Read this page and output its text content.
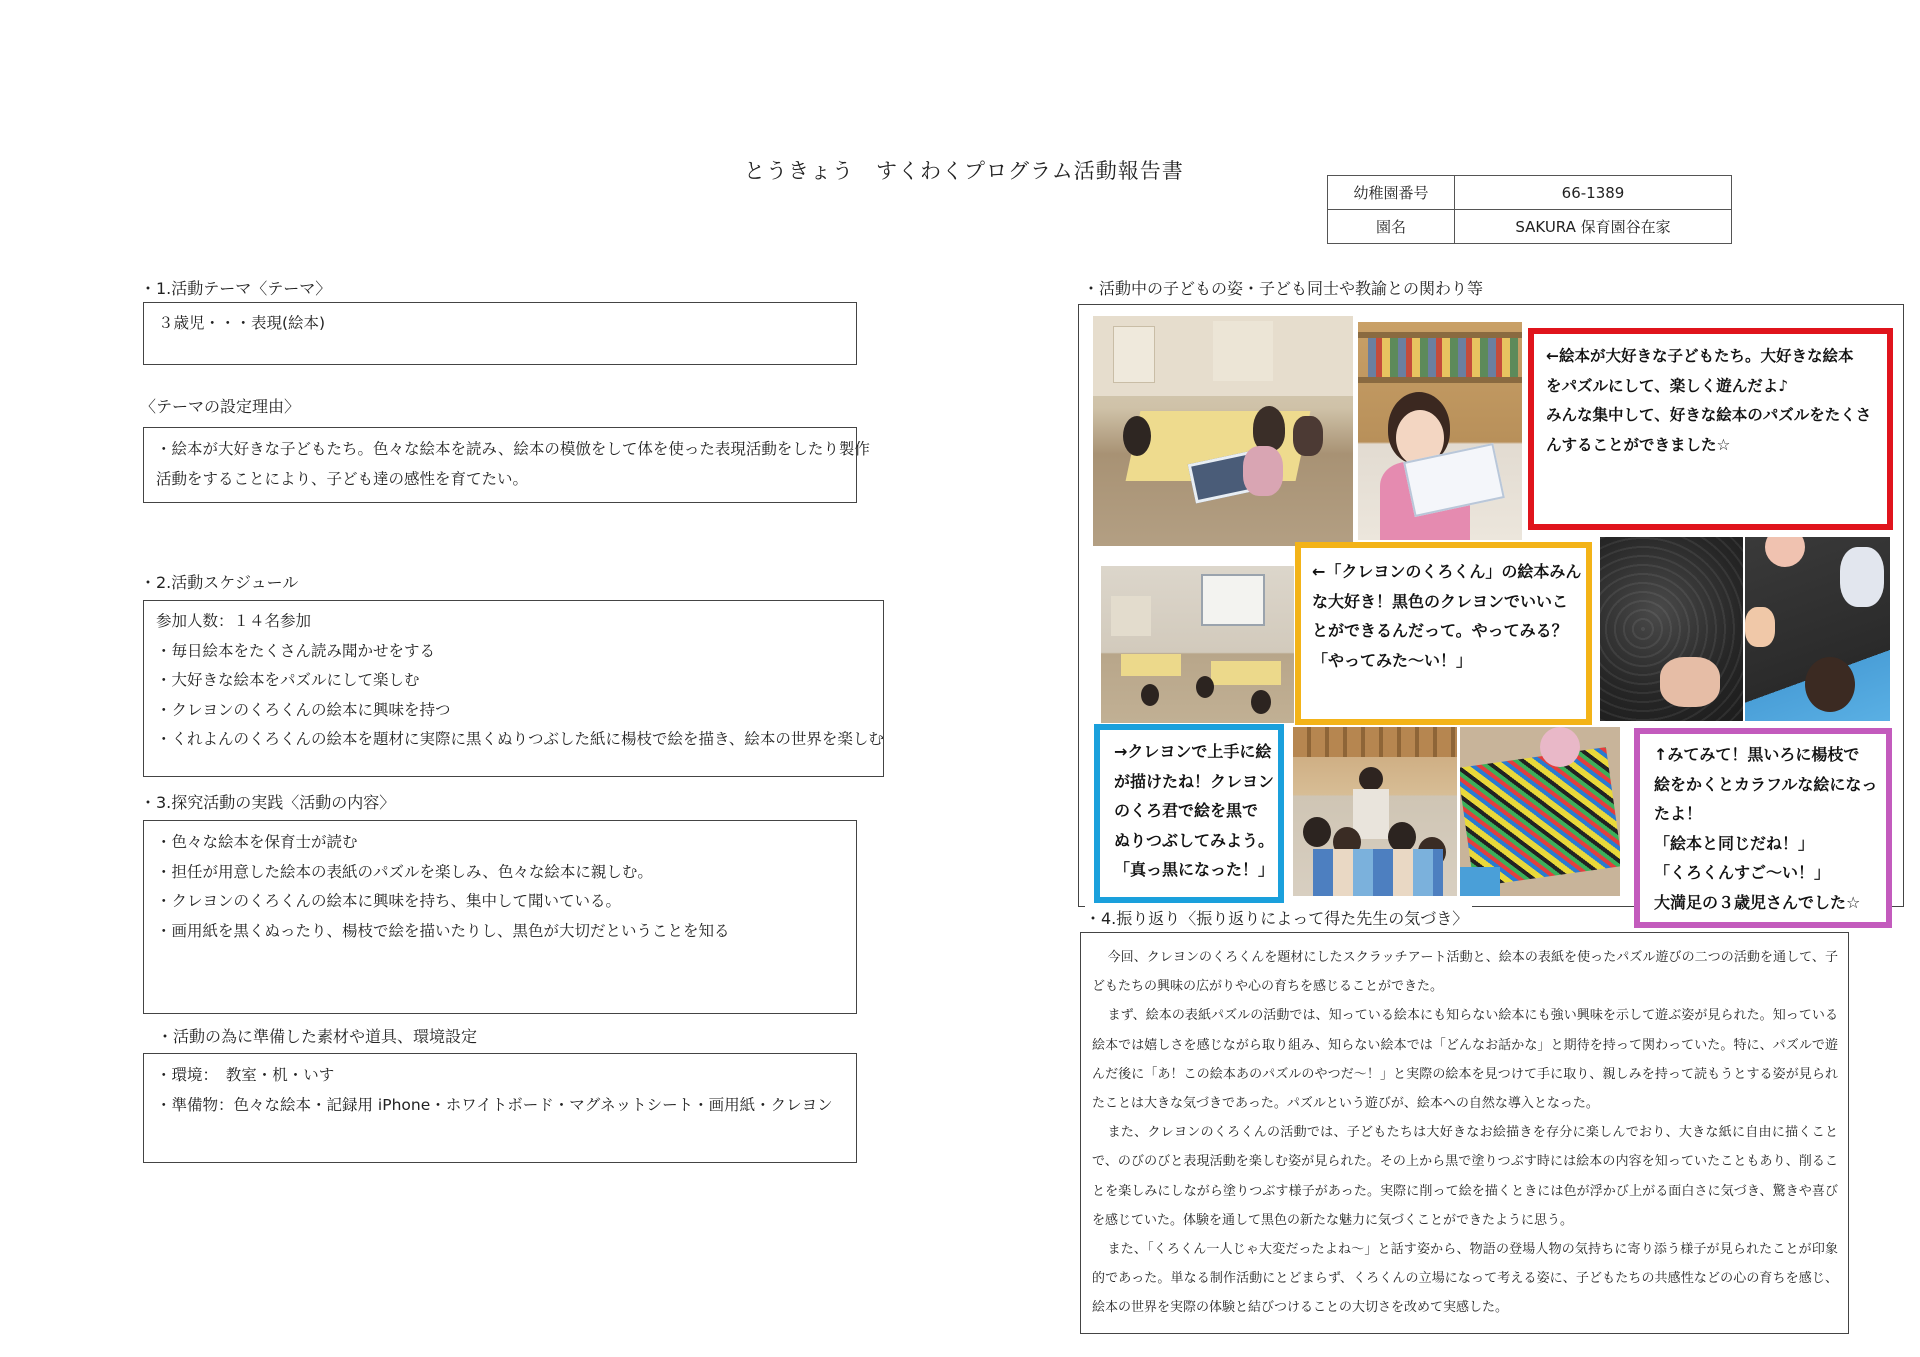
とうきょう　すくわくプログラム活動報告書
幼稚園番号	66-1389
園名	SAKURA 保育園谷在家
・1.活動テーマ〈テーマ〉
３歳児・・・表現(絵本)
〈テーマの設定理由〉
・絵本が大好きな子どもたち。色々な絵本を読み、絵本の模倣をして体を使った表現活動をしたり製作
活動をすることにより、子ども達の感性を育てたい。
・2.活動スケジュール
参加人数：１４名参加
・毎日絵本をたくさん読み聞かせをする
・大好きな絵本をパズルにして楽しむ
・クレヨンのくろくんの絵本に興味を持つ
・くれよんのくろくんの絵本を題材に実際に黒くぬりつぶした紙に楊枝で絵を描き、絵本の世界を楽しむ
・3.探究活動の実践〈活動の内容〉
・色々な絵本を保育士が読む
・担任が用意した絵本の表紙のパズルを楽しみ、色々な絵本に親しむ。
・クレヨンのくろくんの絵本に興味を持ち、集中して聞いている。
・画用紙を黒くぬったり、楊枝で絵を描いたりし、黒色が大切だということを知る
・活動の為に準備した素材や道具、環境設定
・環境：　教室・机・いす
・準備物：色々な絵本・記録用 iPhone・ホワイトボード・マグネットシート・画用紙・クレヨン
・活動中の子どもの姿・子ども同士や教諭との関わり等
←絵本が大好きな子どもたち。大好きな絵本
をパズルにして、楽しく遊んだよ♪
みんな集中して、好きな絵本のパズルをたくさ
んすることができました☆
←「クレヨンのくろくん」の絵本みん
な大好き！黒色のクレヨンでいいこ
とができるんだって。やってみる？
「やってみた～い！」
→クレヨンで上手に絵
が描けたね！クレヨン
のくろ君で絵を黒で
ぬりつぶしてみよう。
「真っ黒になった！」
↑みてみて！黒いろに楊枝で
絵をかくとカラフルな絵になっ
たよ！
「絵本と同じだね！」
「くろくんすご～い！」
大満足の３歳児さんでした☆
・4.振り返り〈振り返りによって得た先生の気づき〉

今回、クレヨンのくろくんを題材にしたスクラッチアート活動と、絵本の表紙を使ったパズル遊びの二つの活動を通して、子どもたちの興味の広がりや心の育ちを感じることができた。

まず、絵本の表紙パズルの活動では、知っている絵本にも知らない絵本にも強い興味を示して遊ぶ姿が見られた。知っている絵本では嬉しさを感じながら取り組み、知らない絵本では「どんなお話かな」と期待を持って関わっていた。特に、パズルで遊んだ後に「あ！この絵本あのパズルのやつだ～！」と実際の絵本を見つけて手に取り、親しみを持って読もうとする姿が見られたことは大きな気づきであった。パズルという遊びが、絵本への自然な導入となった。

また、クレヨンのくろくんの活動では、子どもたちは大好きなお絵描きを存分に楽しんでおり、大きな紙に自由に描くことで、のびのびと表現活動を楽しむ姿が見られた。その上から黒で塗りつぶす時には絵本の内容を知っていたこともあり、削ることを楽しみにしながら塗りつぶす様子があった。実際に削って絵を描くときには色が浮かび上がる面白さに気づき、驚きや喜びを感じていた。体験を通して黒色の新たな魅力に気づくことができたように思う。

また、「くろくん一人じゃ大変だったよね～」と話す姿から、物語の登場人物の気持ちに寄り添う様子が見られたことが印象的であった。単なる制作活動にとどまらず、くろくんの立場になって考える姿に、子どもたちの共感性などの心の育ちを感じ、絵本の世界を実際の体験と結びつけることの大切さを改めて実感した。
